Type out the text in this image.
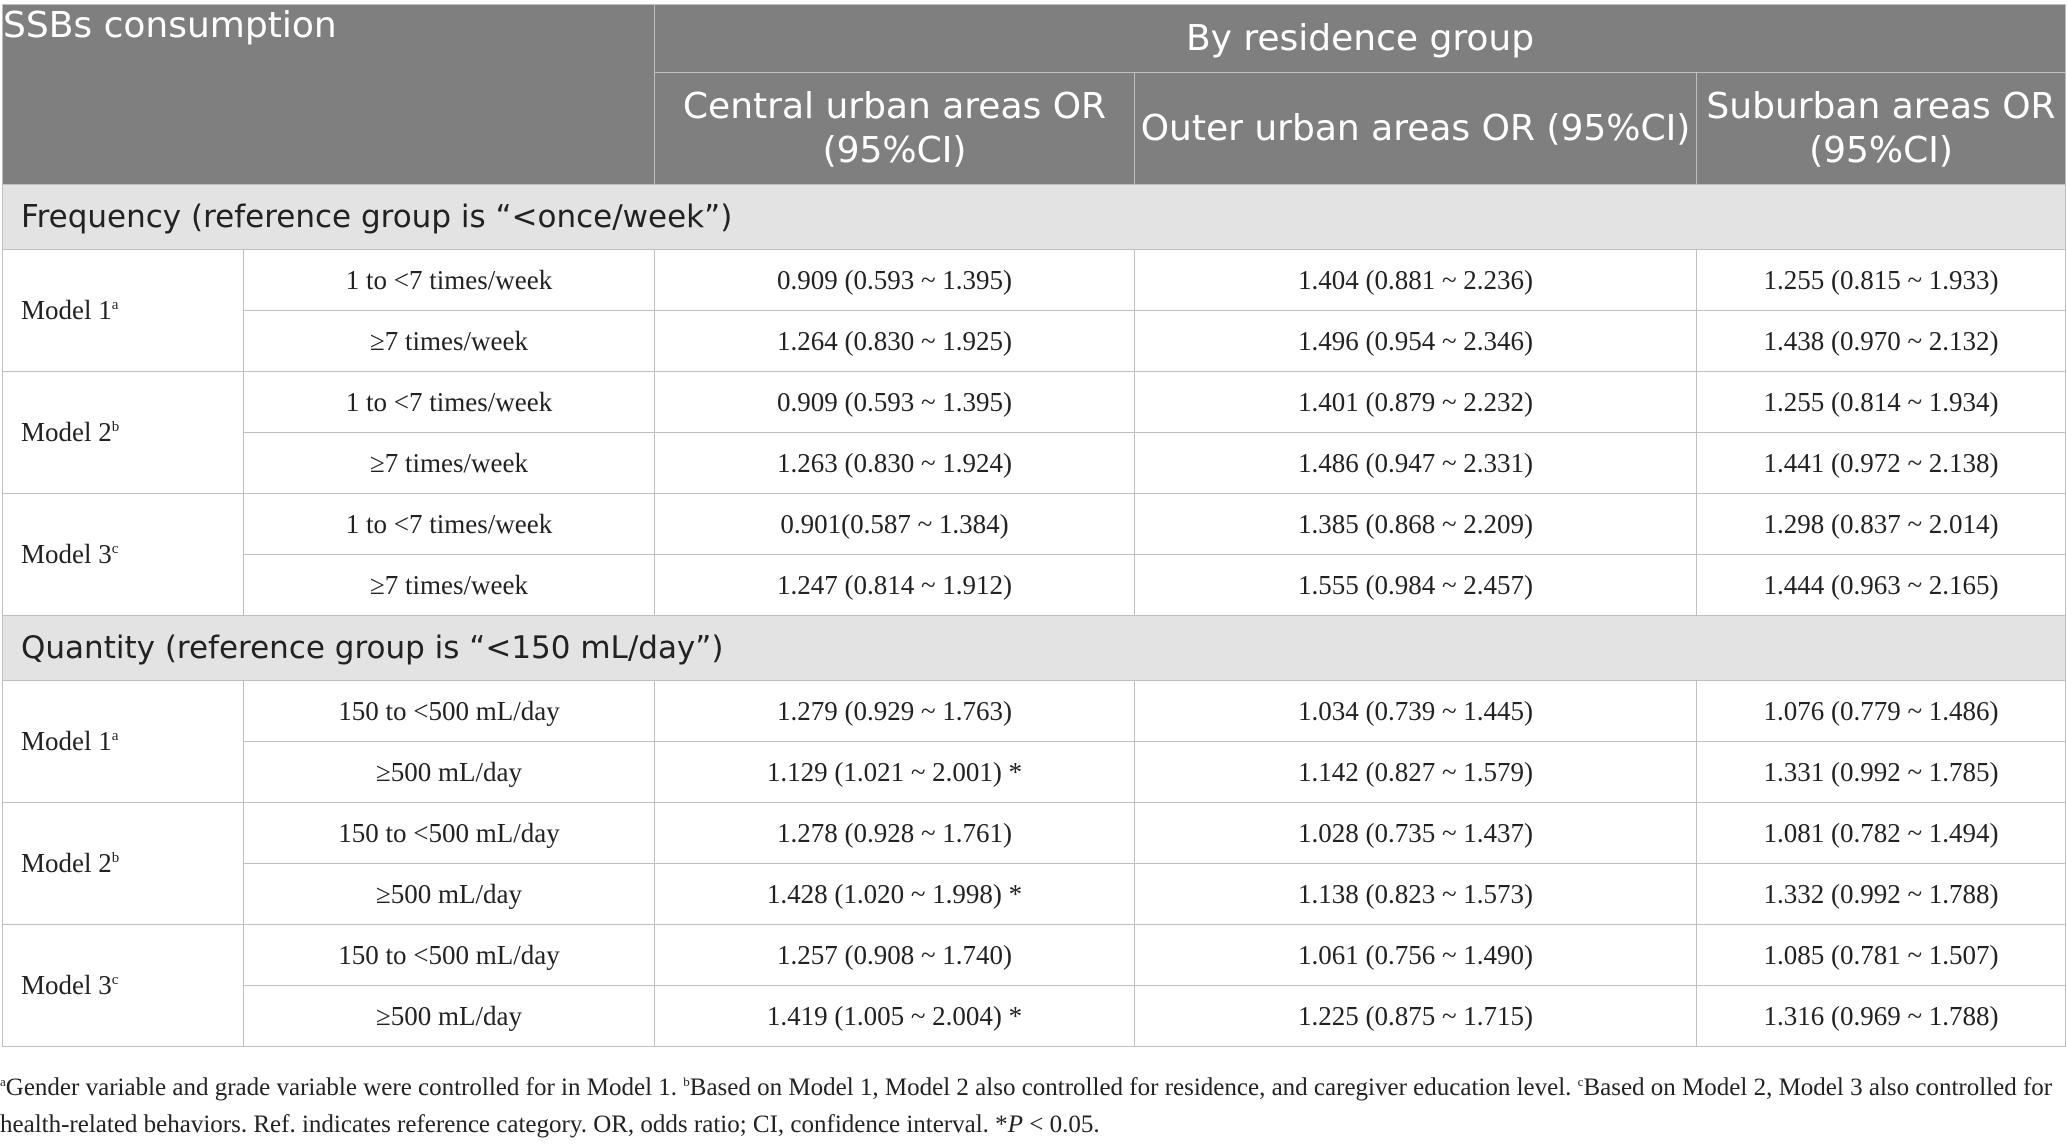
SSBs consumption		By residence group		
		Central urban areas OR (95%CI)	Outer urban areas OR (95%CI)	Suburban areas OR (95%CI)
Frequency (reference group is “<once/week”)				
Model 1$^a$	1 to <7 times/week	0.909 (0.593 ~ 1.395)	1.404 (0.881 ~ 2.236)	1.255 (0.815 ~ 1.933)
	≥7 times/week	1.264 (0.830 ~ 1.925)	1.496 (0.954 ~ 2.346)	1.438 (0.970 ~ 2.132)
Model 2$^b$	1 to <7 times/week	0.909 (0.593 ~ 1.395)	1.401 (0.879 ~ 2.232)	1.255 (0.814 ~ 1.934)
	≥7 times/week	1.263 (0.830 ~ 1.924)	1.486 (0.947 ~ 2.331)	1.441 (0.972 ~ 2.138)
Model 3$^c$	1 to <7 times/week	0.901(0.587 ~ 1.384)	1.385 (0.868 ~ 2.209)	1.298 (0.837 ~ 2.014)
	≥7 times/week	1.247 (0.814 ~ 1.912)	1.555 (0.984 ~ 2.457)	1.444 (0.963 ~ 2.165)
Quantity (reference group is “<150 mL/day”)				
Model 1$^a$	150 to <500 mL/day	1.279 (0.929 ~ 1.763)	1.034 (0.739 ~ 1.445)	1.076 (0.779 ~ 1.486)
	≥500 mL/day	1.129 (1.021 ~ 2.001) *	1.142 (0.827 ~ 1.579)	1.331 (0.992 ~ 1.785)
Model 2$^b$	150 to <500 mL/day	1.278 (0.928 ~ 1.761)	1.028 (0.735 ~ 1.437)	1.081 (0.782 ~ 1.494)
	≥500 mL/day	1.428 (1.020 ~ 1.998) *	1.138 (0.823 ~ 1.573)	1.332 (0.992 ~ 1.788)
Model 3$^c$	150 to <500 mL/day	1.257 (0.908 ~ 1.740)	1.061 (0.756 ~ 1.490)	1.085 (0.781 ~ 1.507)
	≥500 mL/day	1.419 (1.005 ~ 2.004) *	1.225 (0.875 ~ 1.715)	1.316 (0.969 ~ 1.788)
$^a$Gender variable and grade variable were controlled for in Model 1. $^b$Based on Model 1, Model 2 also controlled for residence, and caregiver education level. $^c$Based on Model 2, Model 3 also controlled for health-related behaviors. Ref. indicates reference category. OR, odds ratio; CI, confidence interval. *P < 0.05.
